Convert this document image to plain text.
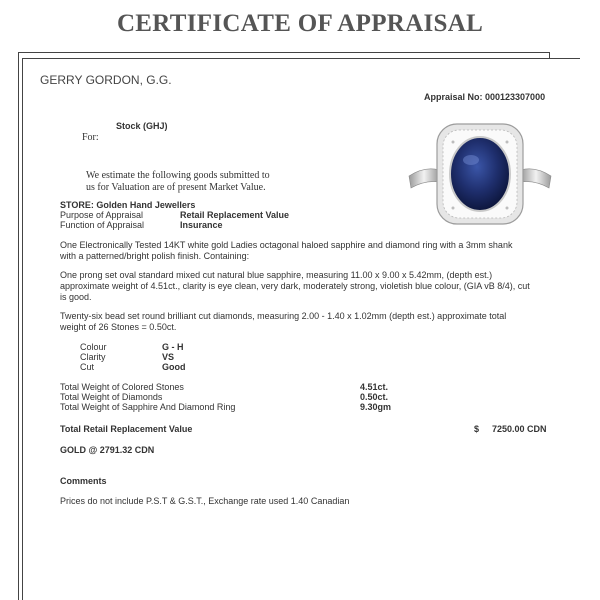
CERTIFICATE OF APPRAISAL
GERRY GORDON, G.G.
Appraisal No: 000123307000
Stock (GHJ)
For:
We estimate the following goods submitted to
us for Valuation are of present Market Value.
STORE: Golden Hand Jewellers
Purpose of Appraisal	Retail Replacement Value
Function of Appraisal	Insurance
One Electronically Tested 14KT white gold Ladies octagonal haloed sapphire and diamond ring with a 3mm shank with a patterned/bright polish finish. Containing:
One prong set oval standard mixed cut natural blue sapphire, measuring 11.00 x 9.00 x 5.42mm, (depth est.) approximate weight of 4.51ct., clarity is eye clean, very dark, moderately strong, violetish blue colour, (GIA vB 8/4), cut is good.
Twenty-six bead set round brilliant cut diamonds, measuring 2.00 - 1.40 x 1.02mm (depth est.) approximate total weight of 26 Stones = 0.50ct.
Colour	G - H
Clarity	VS
Cut	Good
Total Weight of Colored Stones	4.51ct.
Total Weight of Diamonds	0.50ct.
Total Weight of Sapphire And Diamond Ring	9.30gm
Total Retail Replacement Value	$ 7250.00 CDN
GOLD @ 2791.32 CDN
Comments
Prices do not include P.S.T & G.S.T., Exchange rate used 1.40 Canadian
